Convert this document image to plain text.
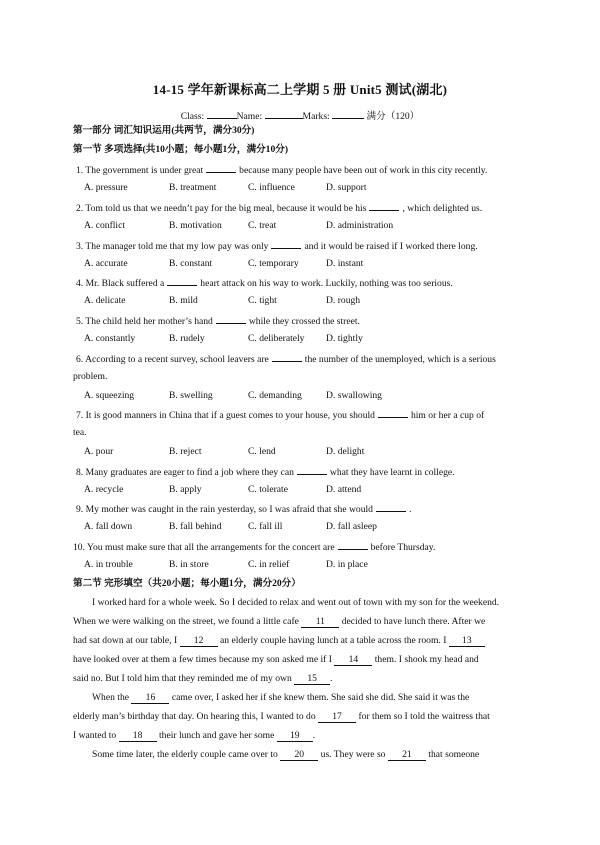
14-15 学年新课标高二上学期 5 册 Unit5 测试(湖北)
Class:	Name:	Marks:	满分（120）
第一部分 词汇知识运用(共两节，满分30分)
第一节 多项选择(共10小题；每小题1分，满分10分)
1. The government is under great	because many people have been out of work in this city recently.
A. pressure	B. treatment	C. influence	D. support
2. Tom told us that we needn’t pay for the big meal, because it would be his	, which delighted us.
A. conflict	B. motivation	C. treat	D. administration
3. The manager told me that my low pay was only	and it would be raised if I worked there long.
A. accurate	B. constant	C. temporary	D. instant
4. Mr. Black suffered a	heart attack on his way to work. Luckily, nothing was too serious.
A. delicate	B. mild	C. tight	D. rough
5. The child held her mother’s hand	while they crossed the street.
A. constantly	B. rudely	C. deliberately D. tightly
6. According to a recent survey, school leavers are	the number of the unemployed, which is a serious
problem.
A. squeezing	B. swelling	C. demanding	D. swallowing
7. It is good manners in China that if a guest comes to your house, you should	him or her a cup of
tea.
A. pour	B. reject	C. lend	D. delight
8. Many graduates are eager to find a job where they can	what they have learnt in college.
A. recycle	B. apply	C. tolerate	D. attend
9. My mother was caught in the rain yesterday, so I was afraid that she would	.
A. fall down	B. fall behind	C. fall ill	D. fall asleep
10. You must make sure that all the arrangements for the concert are	before Thursday.
A. in trouble	B. in store	C. in relief	D. in place
第二节 完形填空（共20小题；每小题1分，满分20分）
I worked hard for a whole week. So I decided to relax and went out of town with my son for the weekend.
When we were walking on the street, we found a little cafe 11 decided to have lunch there. After we
had sat down at our table, I 12 an elderly couple having lunch at a table across the room. I 13
have looked over at them a few times because my son asked me if I 14 them. I shook my head and
said no. But I told him that they reminded me of my own 15 .
When the 16 came over, I asked her if she knew them. She said she did. She said it was the
elderly man’s birthday that day. On hearing this, I wanted to do 17 for them so I told the waitress that
I wanted to 18 their lunch and gave her some 19 .
Some time later, the elderly couple came over to 20 us. They were so 21 that someone
